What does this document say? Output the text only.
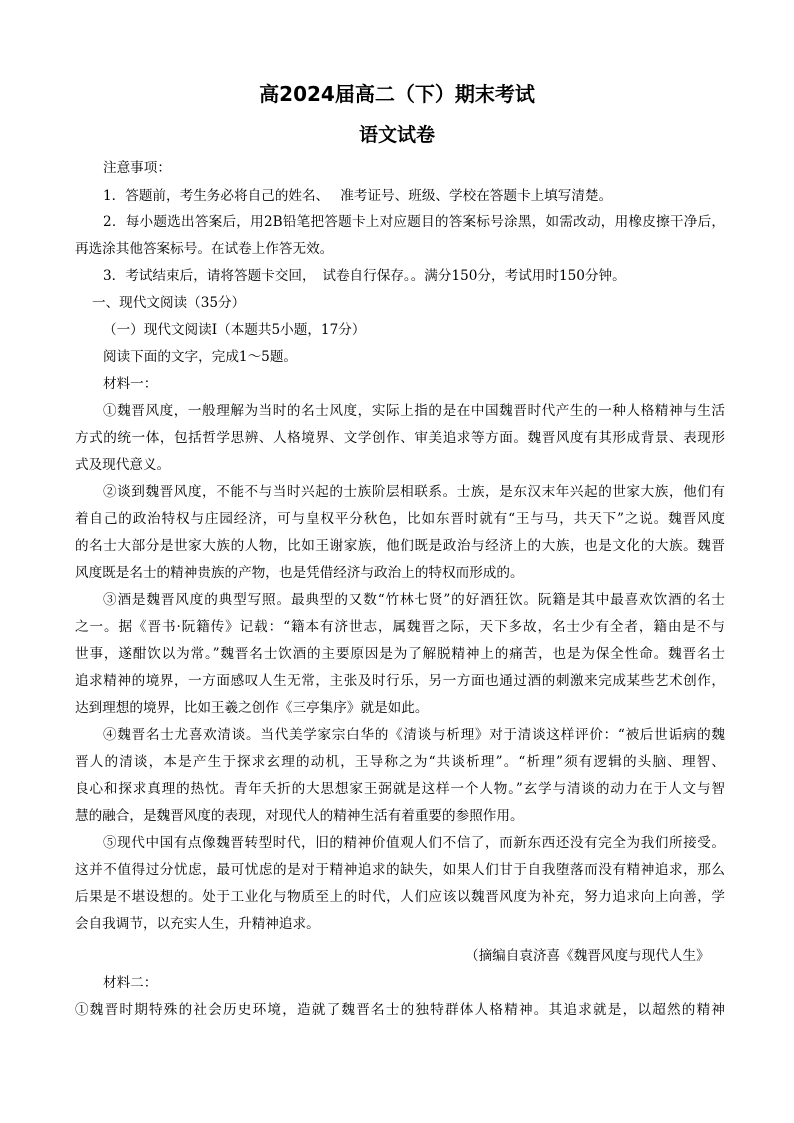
高2024届高二（下）期末考试
语文试卷
注意事项：
1．答题前，考生务必将自己的姓名、　 准考证号、班级、学校在答题卡上填写清楚。
2．每小题选出答案后，用2B铅笔把答题卡上对应题目的答案标号涂黑，如需改动，用橡皮擦干净后，
再选涂其他答案标号。在试卷上作答无效。
3．考试结束后，请将答题卡交回，　试卷自行保存。。满分150分，考试用时150分钟。
一、现代文阅读（35分）
（一）现代文阅读I（本题共5小题，17分）
阅读下面的文字，完成1～5题。
材料一：
①魏晋风度，一般理解为当时的名士风度，实际上指的是在中国魏晋时代产生的一种人格精神与生活
方式的统一体，包括哲学思辨、人格境界、文学创作、审美追求等方面。魏晋风度有其形成背景、表现形
式及现代意义。
②谈到魏晋风度，不能不与当时兴起的士族阶层相联系。士族，是东汉末年兴起的世家大族，他们有
着自己的政治特权与庄园经济，可与皇权平分秋色，比如东晋时就有“王与马，共天下”之说。魏晋风度
的名士大部分是世家大族的人物，比如王谢家族，他们既是政治与经济上的大族，也是文化的大族。魏晋
风度既是名士的精神贵族的产物，也是凭借经济与政治上的特权而形成的。
③酒是魏晋风度的典型写照。最典型的又数“竹林七贤”的好酒狂饮。阮籍是其中最喜欢饮酒的名士
之一。据《晋书·阮籍传》记载：“籍本有济世志，属魏晋之际，天下多故，名士少有全者，籍由是不与
世事，遂酣饮以为常。”魏晋名士饮酒的主要原因是为了解脱精神上的痛苦，也是为保全性命。魏晋名士
追求精神的境界，一方面感叹人生无常，主张及时行乐，另一方面也通过酒的刺激来完成某些艺术创作，
达到理想的境界，比如王羲之创作《三亭集序》就是如此。
④魏晋名士尤喜欢清谈。当代美学家宗白华的《清谈与析理》对于清谈这样评价：“被后世诟病的魏
晋人的清谈，本是产生于探求玄理的动机，王导称之为“共谈析理”。“析理”须有逻辑的头脑、理智、
良心和探求真理的热忱。青年夭折的大思想家王弼就是这样一个人物。”玄学与清谈的动力在于人文与智
慧的融合，是魏晋风度的表现，对现代人的精神生活有着重要的参照作用。
⑤现代中国有点像魏晋转型时代，旧的精神价值观人们不信了，而新东西还没有完全为我们所接受。
这并不值得过分忧虑，最可忧虑的是对于精神追求的缺失，如果人们甘于自我堕落而没有精神追求，那么
后果是不堪设想的。处于工业化与物质至上的时代，人们应该以魏晋风度为补充，努力追求向上向善，学
会自我调节，以充实人生，升精神追求。
（摘编自袁济喜《魏晋风度与现代人生》
材料二：
①魏晋时期特殊的社会历史环境，造就了魏晋名士的独特群体人格精神。其追求就是，以超然的精神
